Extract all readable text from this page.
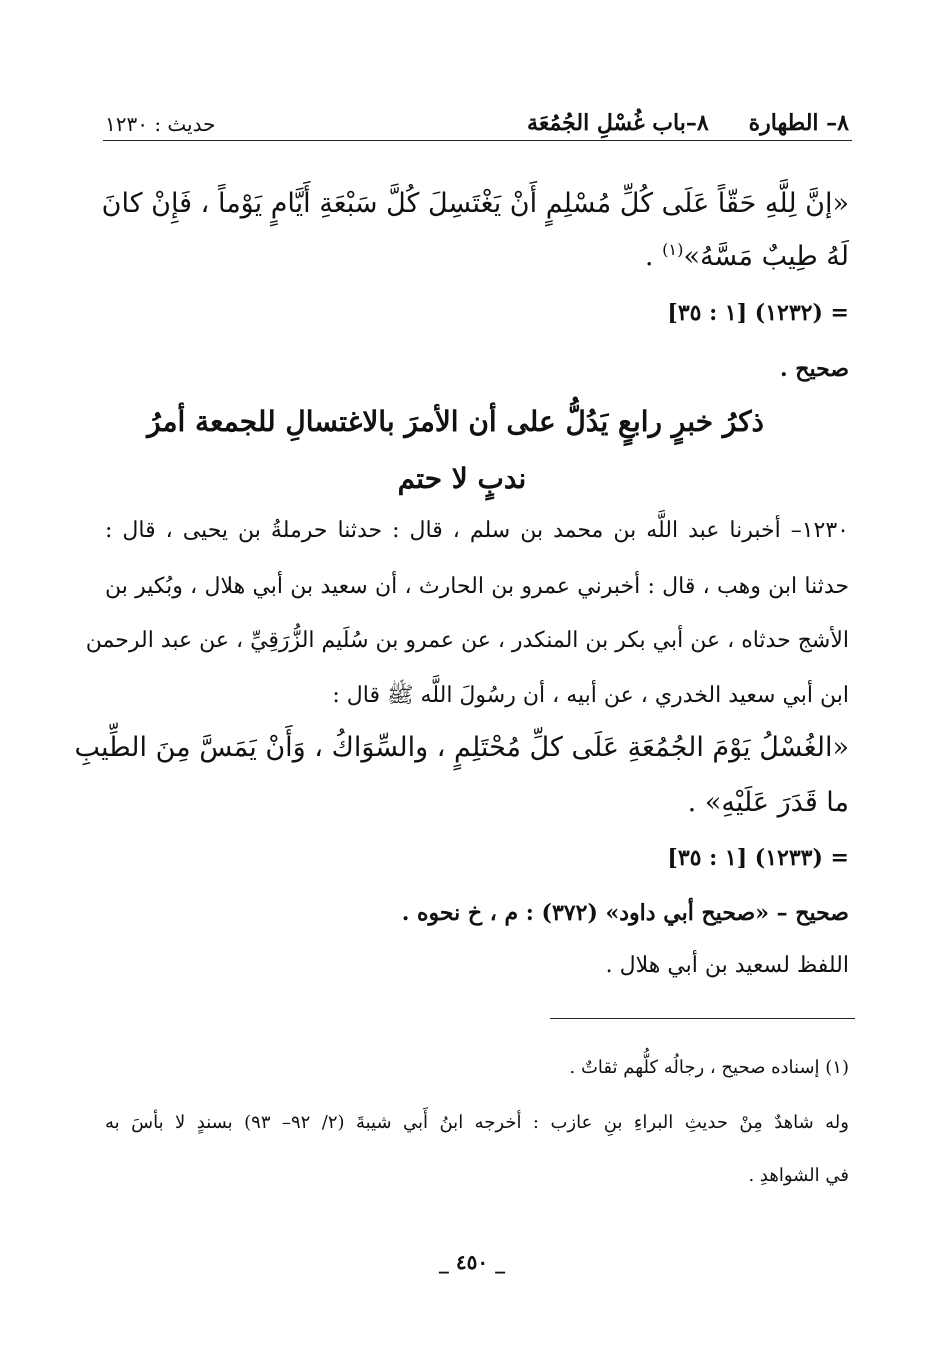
٨– الطهارة٨–باب غُسْلِ الجُمُعَة
حديث : ١٢٣٠
«إنَّ لِلَّهِ حَقّاً عَلَى كُلِّ مُسْلِمٍ أَنْ يَغْتَسِلَ كُلَّ سَبْعَةِ أَيَّامٍ يَوْماً ، فَإِنْ كانَ
لَهُ طِيبٌ مَسَّهُ»$^{(١)}$ .
= (١٢٣٢) [١ : ٣٥]
صحيح .
ذكرُ خبرٍ رابعٍ يَدُلُّ على أن الأمرَ بالاغتسالِ للجمعة أمرُ
ندبٍ لا حتم
١٢٣٠– أخبرنا عبد اللَّه بن محمد بن سلم ، قال : حدثنا حرملةُ بن يحيى ، قال :
حدثنا ابن وهب ، قال : أخبرني عمرو بن الحارث ، أن سعيد بن أبي هلال ، وبُكير بن
الأشج حدثاه ، عن أبي بكر بن المنكدر ، عن عمرو بن سُلَيم الزُّرَقِيِّ ، عن عبد الرحمن
ابن أبي سعيد الخدري ، عن أبيه ، أن رسُولَ اللَّه ﷺ قال :
«الغُسْلُ يَوْمَ الجُمُعَةِ عَلَى كلِّ مُحْتَلِمٍ ، والسِّوَاكُ ، وَأَنْ يَمَسَّ مِنَ الطِّيبِ
ما قَدَرَ عَلَيْهِ» .
= (١٢٣٣) [١ : ٣٥]
صحيح – «صحيح أبي داود» (٣٧٢) : م ، خ نحوه .
اللفظ لسعيد بن أبي هلال .
(١) إسناده صحيح ، رجالُه كلُّهم ثقاتٌ .
وله شاهدٌ مِنْ حديثِ البراءِ بنِ عازب : أخرجه ابنُ أَبي شيبةَ (٢/ ٩٢– ٩٣) بسندٍ لا بأسَ به
في الشواهدِ .
_ ٤٥٠ _
